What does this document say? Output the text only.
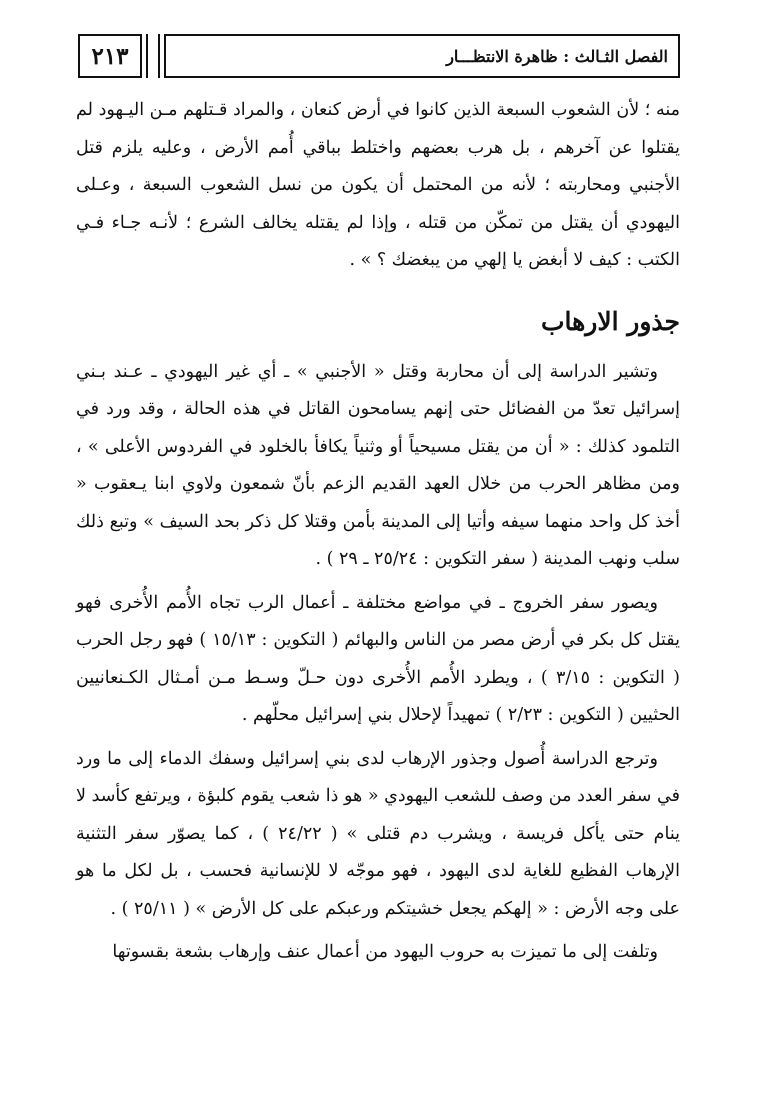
٢١٣	الفصل الثـالث : ظاهرة الانتظـــار

منه ؛ لأن الشعوب السبعة الذين كانوا في أرض كنعان ، والمراد قـتلهم مـن اليـهود لم يقتلوا عن آخرهم ، بل هرب بعضهم واختلط بباقي أُمم الأرض ، وعليه يلزم قتل الأجنبي ومحاربته ؛ لأنه من المحتمل أن يكون من نسل الشعوب السبعة ، وعـلى اليهودي أن يقتل من تمكّن من قتله ، وإذا لم يقتله يخالف الشرع ؛ لأنـه جـاء فـي الكتب : كيف لا أبغض يا إلهي من يبغضك ؟ » .

جذور الارهاب

وتشير الدراسة إلى أن محاربة وقتل « الأجنبي » ـ أي غير اليهودي ـ عـند بـني إسرائيل تعدّ من الفضائل حتى إنهم يسامحون القاتل في هذه الحالة ، وقد ورد في التلمود كذلك : « أن من يقتل مسيحياً أو وثنياً يكافأ بالخلود في الفردوس الأعلى » ، ومن مظاهر الحرب من خلال العهد القديم الزعم بأنّ شمعون ولاوي ابنا يـعقوب « أخذ كل واحد منهما سيفه وأتيا إلى المدينة بأمن وقتلا كل ذكر بحد السيف » وتبع ذلك سلب ونهب المدينة ( سفر التكوين : ٢٥/٢٤ ـ ٢٩ ) .

ويصور سفر الخروج ـ في مواضع مختلفة ـ أعمال الرب تجاه الأُمم الأُخرى فهو يقتل كل بكر في أرض مصر من الناس والبهائم ( التكوين : ١٥/١٣ ) فهو رجل الحرب ( التكوين : ٣/١٥ ) ، ويطرد الأُمم الأُخرى دون حـلّ وسـط مـن أمـثال الكـنعانيين الحثيين ( التكوين : ٢/٢٣ ) تمهيداً لإحلال بني إسرائيل محلّهم .

وترجع الدراسة أُصول وجذور الإرهاب لدى بني إسرائيل وسفك الدماء إلى ما ورد في سفر العدد من وصف للشعب اليهودي « هو ذا شعب يقوم كلبؤة ، ويرتفع كأسد لا ينام حتى يأكل فريسة ، ويشرب دم قتلى » ( ٢٤/٢٢ ) ، كما يصوّر سفر التثنية الإرهاب الفظيع للغاية لدى اليهود ، فهو موجّه لا للإنسانية فحسب ، بل لكل ما هو على وجه الأرض : « إلهكم يجعل خشيتكم ورعبكم على كل الأرض » ( ٢٥/١١ ) .

وتلفت إلى ما تميزت به حروب اليهود من أعمال عنف وإرهاب بشعة بقسوتها
